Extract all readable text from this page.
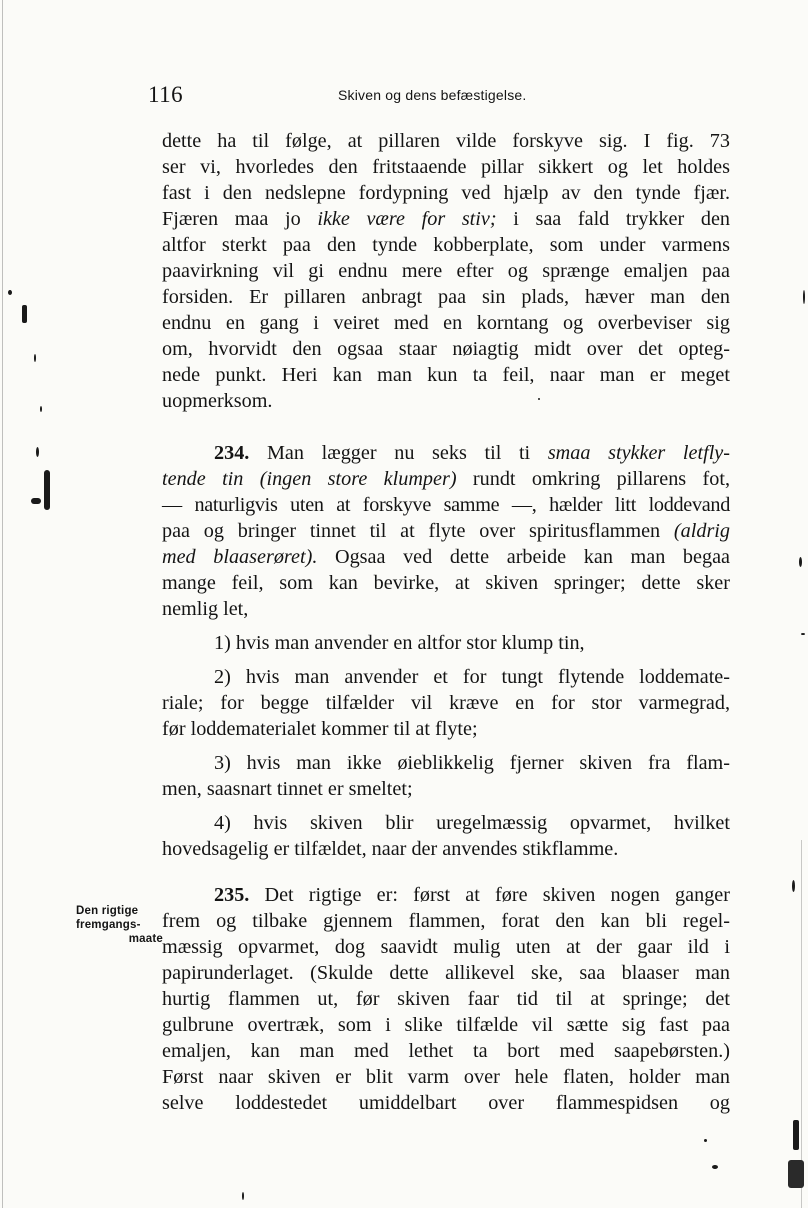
116	Skiven og dens befæstigelse.

dette ha til følge, at pillaren vilde forskyve sig. I fig. 73
ser vi, hvorledes den fritstaaende pillar sikkert og let holdes
fast i den nedslepne fordypning ved hjælp av den tynde fjær.
Fjæren maa jo ikke være for stiv; i saa fald trykker den
altfor sterkt paa den tynde kobberplate, som under varmens
paavirkning vil gi endnu mere efter og sprænge emaljen paa
forsiden. Er pillaren anbragt paa sin plads, hæver man den
endnu en gang i veiret med en korntang og overbeviser sig
om, hvorvidt den ogsaa staar nøiagtig midt over det opteg-
nede punkt. Heri kan man kun ta feil, naar man er meget
uopmerksom.

234. Man lægger nu seks til ti smaa stykker letfly-
tende tin (ingen store klumper) rundt omkring pillarens fot,
— naturligvis uten at forskyve samme —, hælder litt loddevand
paa og bringer tinnet til at flyte over spiritusflammen (aldrig
med blaaserøret). Ogsaa ved dette arbeide kan man begaa
mange feil, som kan bevirke, at skiven springer; dette sker
nemlig let,

1) hvis man anvender en altfor stor klump tin,

2) hvis man anvender et for tungt flytende loddemate-
riale; for begge tilfælder vil kræve en for stor varmegrad,
før loddematerialet kommer til at flyte;

3) hvis man ikke øieblikkelig fjerner skiven fra flam-
men, saasnart tinnet er smeltet;

4) hvis skiven blir uregelmæssig opvarmet, hvilket
hovedsagelig er tilfældet, naar der anvendes stikflamme.

235. Det rigtige er: først at føre skiven nogen ganger
frem og tilbake gjennem flammen, forat den kan bli regel-
mæssig opvarmet, dog saavidt mulig uten at der gaar ild i
papirunderlaget. (Skulde dette allikevel ske, saa blaaser man
hurtig flammen ut, før skiven faar tid til at springe; det
gulbrune overtræk, som i slike tilfælde vil sætte sig fast paa
emaljen, kan man med lethet ta bort med saapebørsten.)
Først naar skiven er blit varm over hele flaten, holder man
selve loddestedet umiddelbart over flammespidsen og

Den rigtige
fremgangs-
maate
